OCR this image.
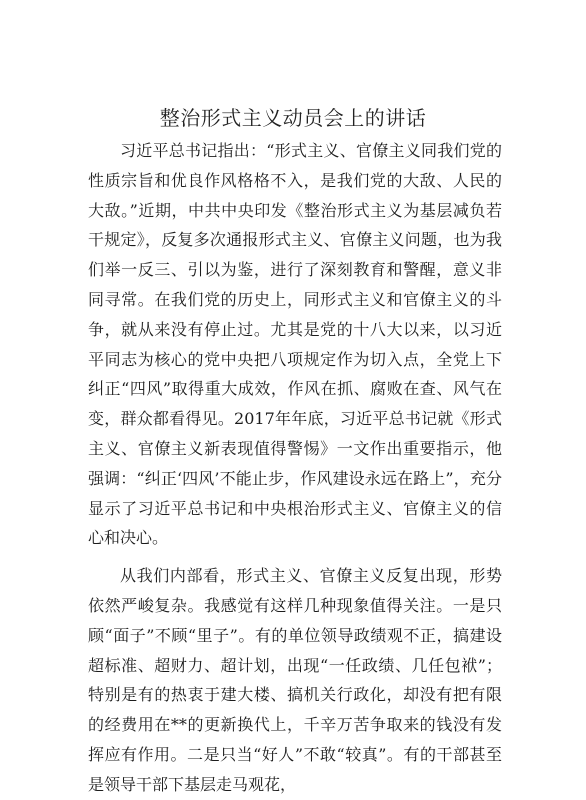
整治形式主义动员会上的讲话

习近平总书记指出：“形式主义、官僚主义同我们党的性质宗旨和优良作风格格不入，是我们党的大敌、人民的大敌。”近期，中共中央印发《整治形式主义为基层减负若干规定》，反复多次通报形式主义、官僚主义问题，也为我们举一反三、引以为鉴，进行了深刻教育和警醒，意义非同寻常。在我们党的历史上，同形式主义和官僚主义的斗争，就从来没有停止过。尤其是党的十八大以来，以习近平同志为核心的党中央把八项规定作为切入点，全党上下纠正“四风”取得重大成效，作风在抓、腐败在查、风气在变，群众都看得见。2017年年底，习近平总书记就《形式主义、官僚主义新表现值得警惕》一文作出重要指示，他强调：“纠正‘四风’不能止步，作风建设永远在路上”，充分显示了习近平总书记和中央根治形式主义、官僚主义的信心和决心。

从我们内部看，形式主义、官僚主义反复出现，形势依然严峻复杂。我感觉有这样几种现象值得关注。一是只顾“面子”不顾“里子”。有的单位领导政绩观不正，搞建设超标准、超财力、超计划，出现“一任政绩、几任包袱”；特别是有的热衷于建大楼、搞机关行政化，却没有把有限的经费用在**的更新换代上，千辛万苦争取来的钱没有发挥应有作用。二是只当“好人”不敢“较真”。有的干部甚至是领导干部下基层走马观花，
